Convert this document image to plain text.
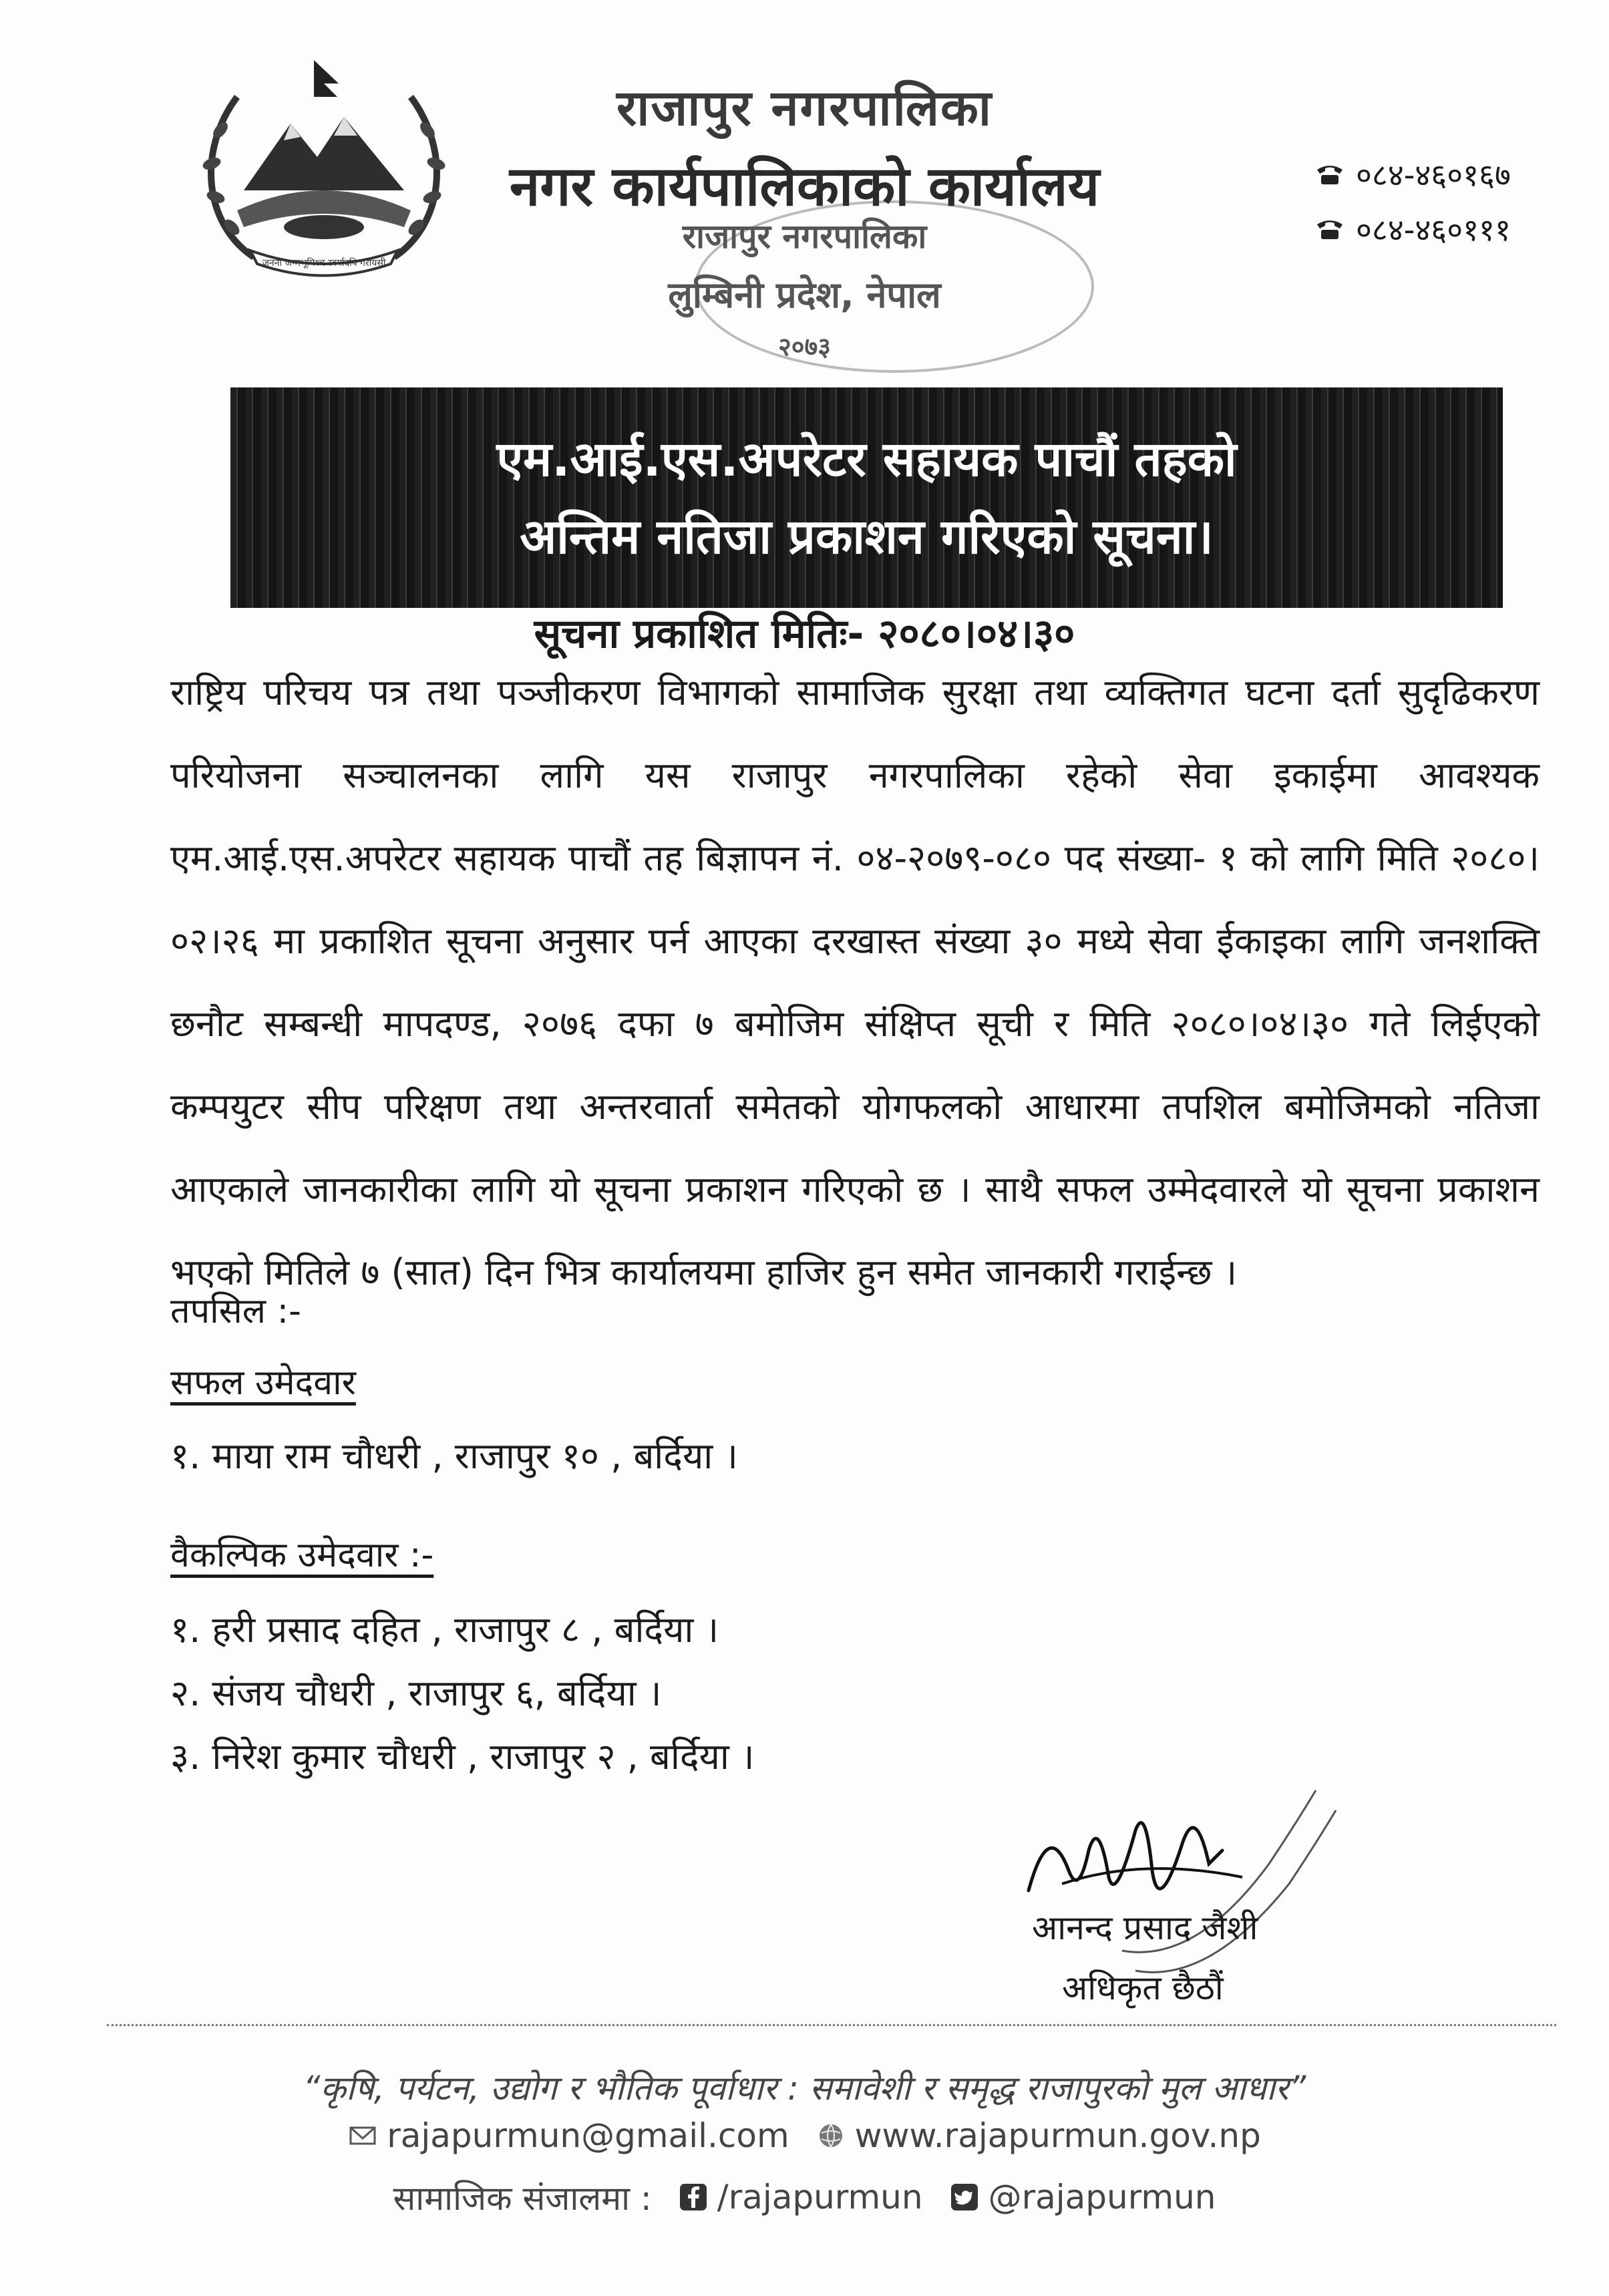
जननी जन्मभूमिश्च स्वर्गादपि गरीयसी
राजापुर नगरपालिका
नगर कार्यपालिकाको कार्यालय
राजापुर नगरपालिका
लुम्बिनी प्रदेश, नेपाल
२०७३
०८४-४६०१६७
०८४-४६०१११
एम.आई.एस.अपरेटर सहायक पाचौं तहको
अन्तिम नतिजा प्रकाशन गरिएको सूचना।
सूचना प्रकाशित मितिः- २०८०।०४।३०

राष्ट्रिय परिचय पत्र तथा पञ्जीकरण विभागको सामाजिक सुरक्षा तथा व्यक्तिगत घटना दर्ता सुदृढिकरण परियोजना सञ्चालनका लागि यस राजापुर नगरपालिका रहेको सेवा इकाईमा आवश्यक एम.आई.एस.अपरेटर सहायक पाचौं तह बिज्ञापन नं. ०४-२०७९-०८० पद संख्या- १ को लागि मिति २०८०।०२।२६ मा प्रकाशित सूचना अनुसार पर्न आएका दरखास्त संख्या ३० मध्ये सेवा ईकाइका लागि जनशक्ति छनौट सम्बन्धी मापदण्ड, २०७६ दफा ७ बमोजिम संक्षिप्त सूची र मिति २०८०।०४।३० गते लिईएको कम्पयुटर सीप परिक्षण तथा अन्तरवार्ता समेतको योगफलको आधारमा तपशिल बमोजिमको नतिजा आएकाले जानकारीका लागि यो सूचना प्रकाशन गरिएको छ । साथै सफल उम्मेदवारले यो सूचना प्रकाशन भएको मितिले ७ (सात) दिन भित्र कार्यालयमा हाजिर हुन समेत जानकारी गराईन्छ ।

तपसिल :-
सफल उमेदवार
१. माया राम चौधरी , राजापुर १० , बर्दिया ।
वैकल्पिक उमेदवार :-
१. हरी प्रसाद दहित , राजापुर ८ , बर्दिया ।
२. संजय चौधरी , राजापुर ६, बर्दिया ।
३. निरेश कुमार चौधरी , राजापुर २ , बर्दिया ।
आनन्द प्रसाद जैशी
अधिकृत छैठौं
“कृषि, पर्यटन, उद्योग र भौतिक पूर्वाधार : समावेशी र समृद्ध राजापुरको मुल आधार”
rajapurmun@gmail.com www.rajapurmun.gov.np
सामाजिक संजालमा : /rajapurmun @rajapurmun
